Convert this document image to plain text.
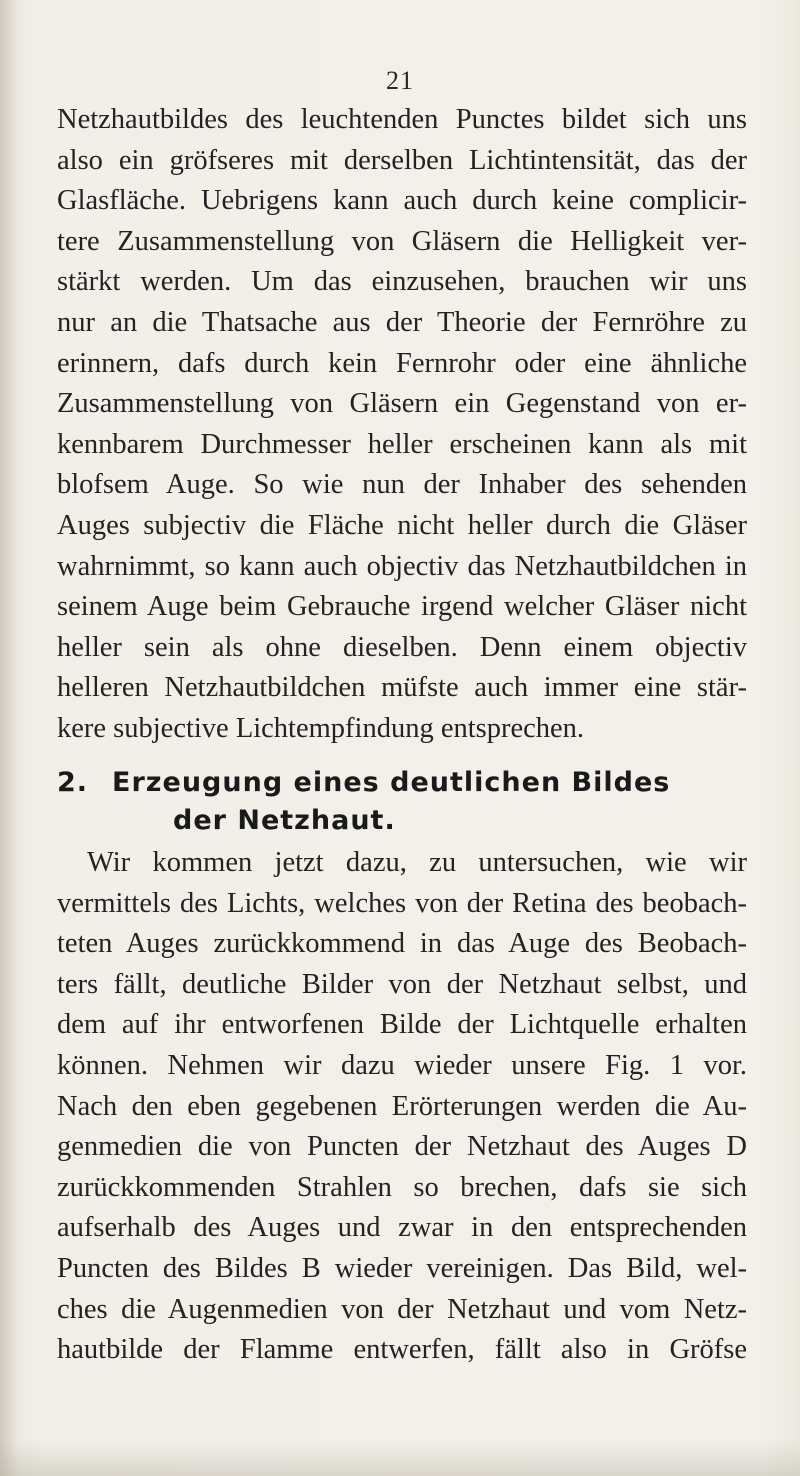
21
Netzhautbildes des leuchtenden Punctes bildet sich uns
also ein gröfseres mit derselben Lichtintensität, das der
Glasfläche. Uebrigens kann auch durch keine complicir-
tere Zusammenstellung von Gläsern die Helligkeit ver-
stärkt werden. Um das einzusehen, brauchen wir uns
nur an die Thatsache aus der Theorie der Fernröhre zu
erinnern, dafs durch kein Fernrohr oder eine ähnliche
Zusammenstellung von Gläsern ein Gegenstand von er-
kennbarem Durchmesser heller erscheinen kann als mit
blofsem Auge. So wie nun der Inhaber des sehenden
Auges subjectiv die Fläche nicht heller durch die Gläser
wahrnimmt, so kann auch objectiv das Netzhautbildchen in
seinem Auge beim Gebrauche irgend welcher Gläser nicht
heller sein als ohne dieselben. Denn einem objectiv
helleren Netzhautbildchen müfste auch immer eine stär-
kere subjective Lichtempfindung entsprechen.
2. Erzeugung eines deutlichen Bildes
der Netzhaut.
Wir kommen jetzt dazu, zu untersuchen, wie wir
vermittels des Lichts, welches von der Retina des beobach-
teten Auges zurückkommend in das Auge des Beobach-
ters fällt, deutliche Bilder von der Netzhaut selbst, und
dem auf ihr entworfenen Bilde der Lichtquelle erhalten
können. Nehmen wir dazu wieder unsere Fig. 1 vor.
Nach den eben gegebenen Erörterungen werden die Au-
genmedien die von Puncten der Netzhaut des Auges D
zurückkommenden Strahlen so brechen, dafs sie sich
aufserhalb des Auges und zwar in den entsprechenden
Puncten des Bildes B wieder vereinigen. Das Bild, wel-
ches die Augenmedien von der Netzhaut und vom Netz-
hautbilde der Flamme entwerfen, fällt also in Gröfse
